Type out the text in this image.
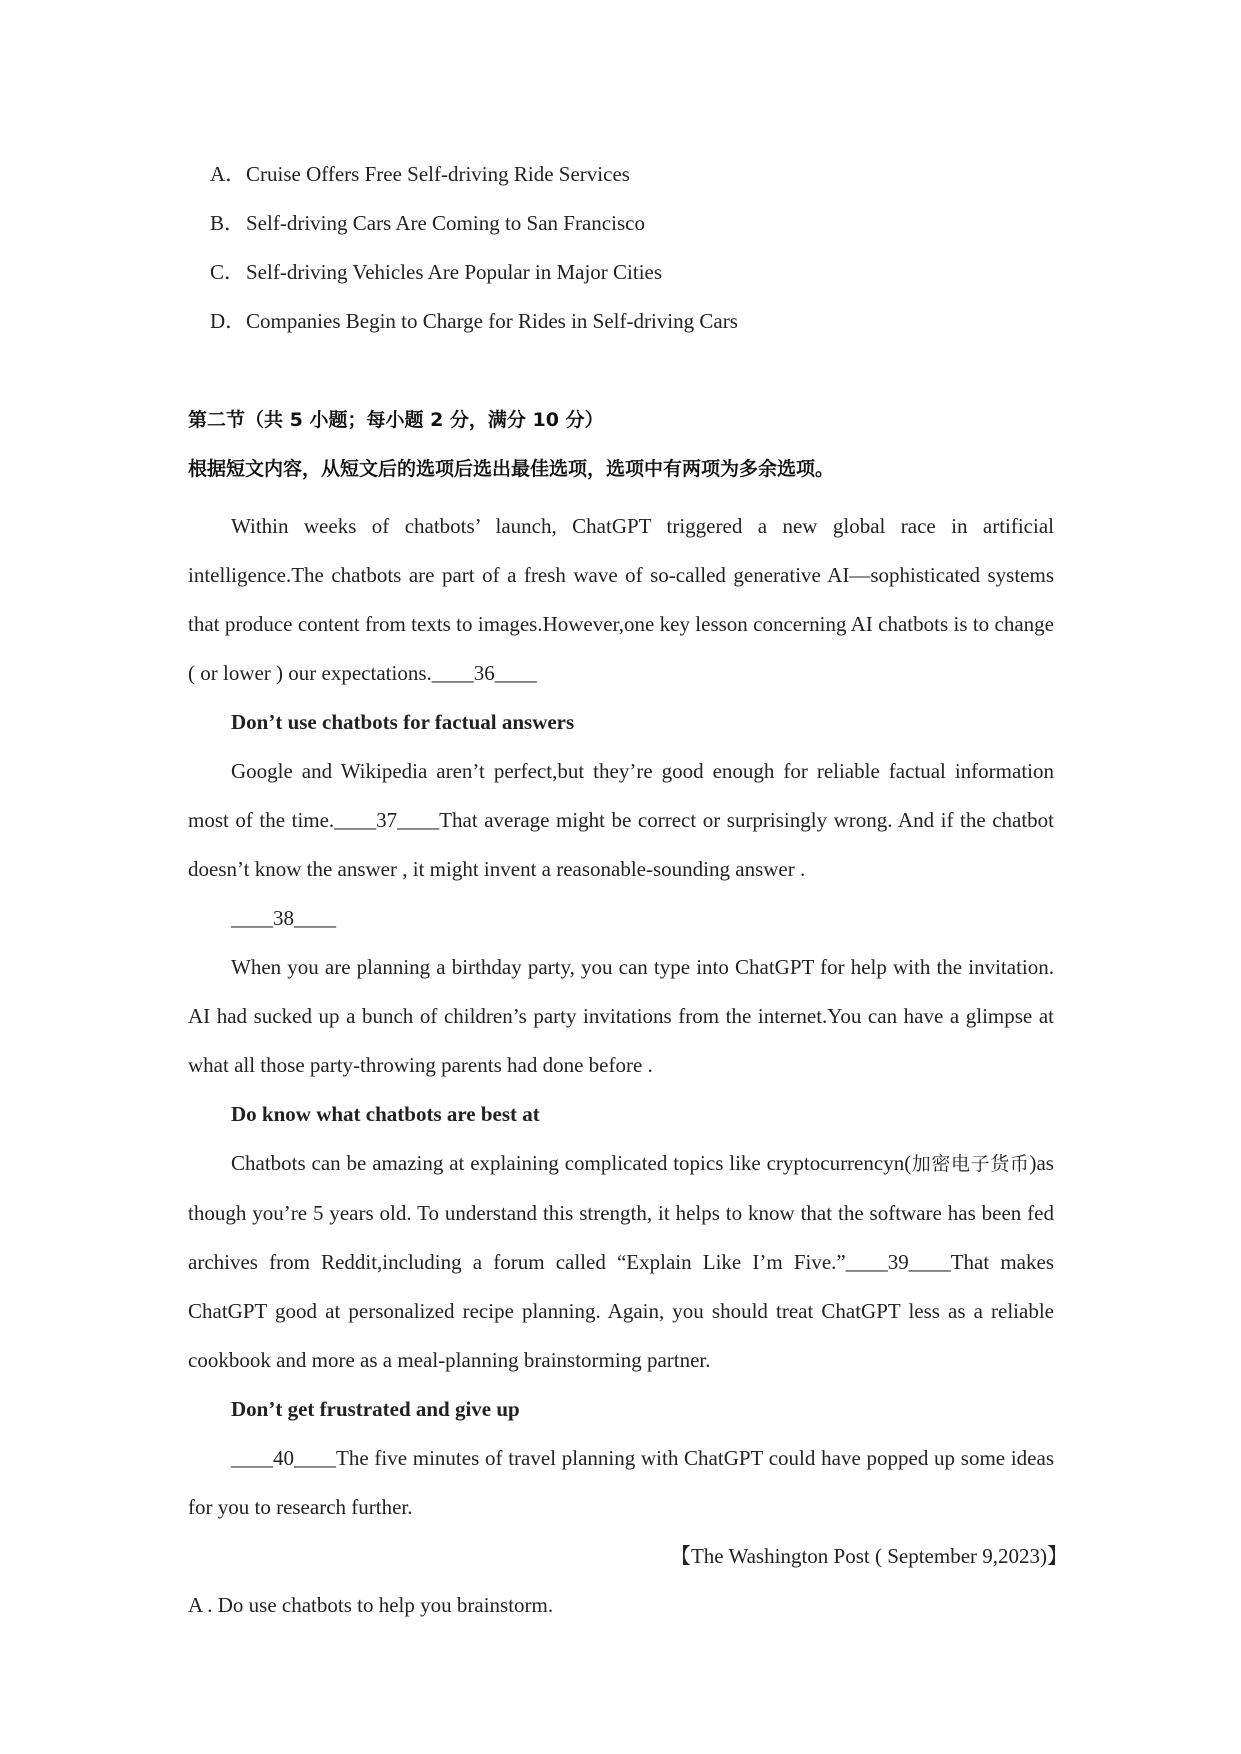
A．Cruise Offers Free Self-driving Ride Services
B．Self-driving Cars Are Coming to San Francisco
C．Self-driving Vehicles Are Popular in Major Cities
D．Companies Begin to Charge for Rides in Self-driving Cars
第二节（共 5 小题；每小题 2 分，满分 10 分）
根据短文内容，从短文后的选项后选出最佳选项，选项中有两项为多余选项。

Within weeks of chatbots’ launch, ChatGPT triggered a new global race in artificial intelligence.The chatbots are part of a fresh wave of so-called generative AI—sophisticated systems that produce content from texts to images.However,one key lesson concerning AI chatbots is to change ( or lower ) our expectations.____36____

Don’t use chatbots for factual answers

Google and Wikipedia aren’t perfect,but they’re good enough for reliable factual information most of the time.____37____That average might be correct or surprisingly wrong. And if the chatbot doesn’t know the answer , it might invent a reasonable-sounding answer .

____38____

When you are planning a birthday party, you can type into ChatGPT for help with the invitation. AI had sucked up a bunch of children’s party invitations from the internet.You can have a glimpse at what all those party-throwing parents had done before .

Do know what chatbots are best at

Chatbots can be amazing at explaining complicated topics like cryptocurrencyn(加密电子货币)as though you’re 5 years old. To understand this strength, it helps to know that the software has been fed archives from Reddit,including a forum called “Explain Like I’m Five.”____39____That makes ChatGPT good at personalized recipe planning. Again, you should treat ChatGPT less as a reliable cookbook and more as a meal-planning brainstorming partner.

Don’t get frustrated and give up

____40____The five minutes of travel planning with ChatGPT could have popped up some ideas for you to research further.

【The Washington Post ( September 9,2023)】
A . Do use chatbots to help you brainstorm.
